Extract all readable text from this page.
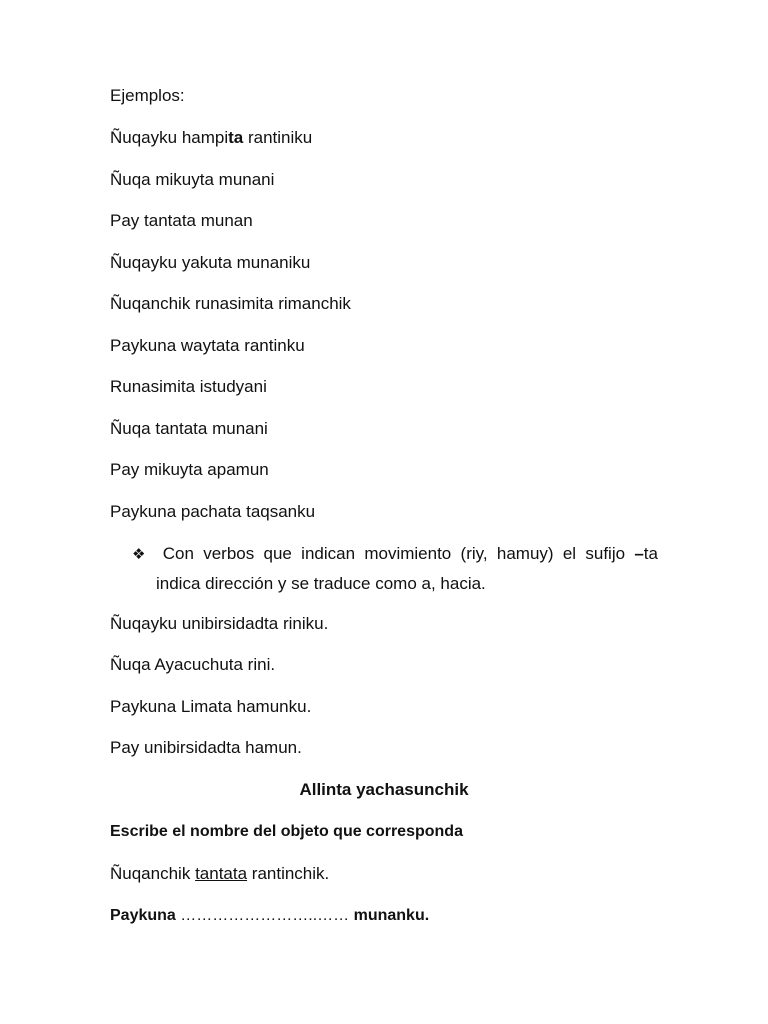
Ejemplos:
Ñuqayku hampita rantiniku
Ñuqa mikuyta munani
Pay tantata munan
Ñuqayku yakuta munaniku
Ñuqanchik runasimita rimanchik
Paykuna waytata rantinku
Runasimita istudyani
Ñuqa tantata munani
Pay mikuyta apamun
Paykuna pachata taqsanku
❖ Con verbos que indican movimiento (riy, hamuy) el sufijo –ta
indica dirección y se traduce como a, hacia.
Ñuqayku unibirsidadta riniku.
Ñuqa Ayacuchuta rini.
Paykuna Limata hamunku.
Pay unibirsidadta hamun.
Allinta yachasunchik
Escribe el nombre del objeto que corresponda
Ñuqanchik tantata rantinchik.
Paykuna ……………………..…… munanku.
